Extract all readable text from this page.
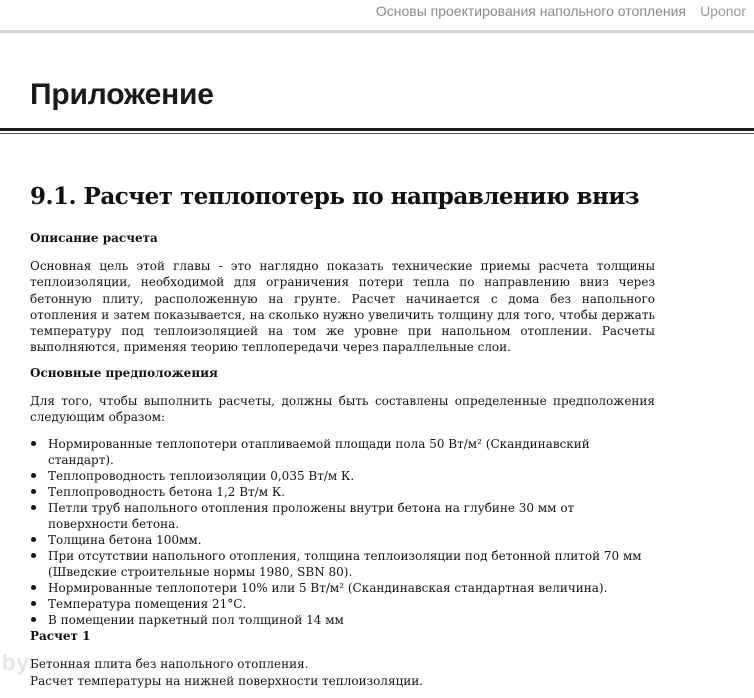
Основы проектирования напольного отопления Uponor
Приложение
9.1. Расчет теплопотерь по направлению вниз
Описание расчета

Основная цель этой главы - это наглядно показать технические приемы расчета толщины теплоизоляции, необходимой для ограничения потери тепла по направлению вниз через бетонную плиту, расположенную на грунте. Расчет начинается с дома без напольного отопления и затем показывается, на сколько нужно увеличить толщину для того, чтобы держать температуру под теплоизоляцией на том же уровне при напольном отоплении. Расчеты выполняются, применяя теорию теплопередачи через параллельные слои.

Основные предположения

Для того, чтобы выполнить расчеты, должны быть составлены определенные предположения следующим образом:

Нормированные теплопотери отапливаемой площади пола 50 Вт/м² (Скандинавский стандарт).
Теплопроводность теплоизоляции 0,035 Вт/м К.
Теплопроводность бетона 1,2 Вт/м К.
Петли труб напольного отопления проложены внутри бетона на глубине 30 мм от поверхности бетона.
Толщина бетона 100мм.
При отсутствии напольного отопления, толщина теплоизоляции под бетонной плитой 70 мм (Шведские строительные нормы 1980, SBN 80).
Нормированные теплопотери 10% или 5 Вт/м² (Скандинавская стандартная величина).
Температура помещения 21°С.
В помещении паркетный пол толщиной 14 мм
Расчет 1
Бетонная плита без напольного отопления.
Расчет температуры на нижней поверхности теплоизоляции.
by
